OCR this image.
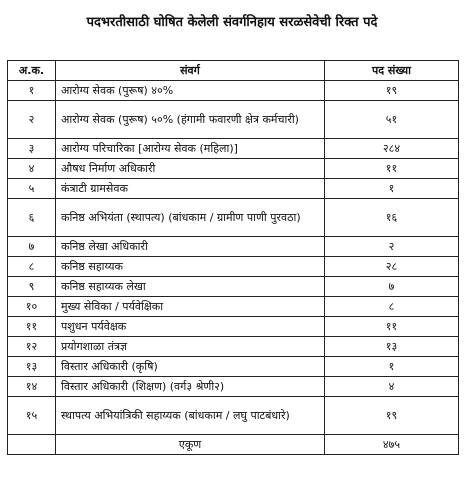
पदभरतीसाठी घोषित केलेली संवर्गनिहाय सरळसेवेची रिक्त पदे
अ.क.	संवर्ग	पद संख्या
१	आरोग्य सेवक (पुरूष) ४०%	१९
२	आरोग्य सेवक (पुरूष) ५०% (हंगामी फवारणी क्षेत्र कर्मचारी)	५१
३	आरोग्य परिचारिका [आरोग्य सेवक (महिला)]	२८४
४	औषध निर्माण अधिकारी	११
५	कंत्राटी ग्रामसेवक	१
६	कनिष्ठ अभियंता (स्थापत्य) (बांधकाम / ग्रामीण पाणी पुरवठा)	१६
७	कनिष्ठ लेखा अधिकारी	२
८	कनिष्ठ सहाय्यक	२८
९	कनिष्ठ सहाय्यक लेखा	७
१०	मुख्य सेविका / पर्यवेक्षिका	८
११	पशुधन पर्यवेक्षक	११
१२	प्रयोगशाळा तंत्रज्ञ	१३
१३	विस्तार अधिकारी (कृषि)	१
१४	विस्तार अधिकारी (शिक्षण) (वर्ग३ श्रेणी२)	४
१५	स्थापत्य अभियांत्रिकी सहाय्यक (बांधकाम / लघु पाटबंधारे)	१९
	एकूण	४७५
